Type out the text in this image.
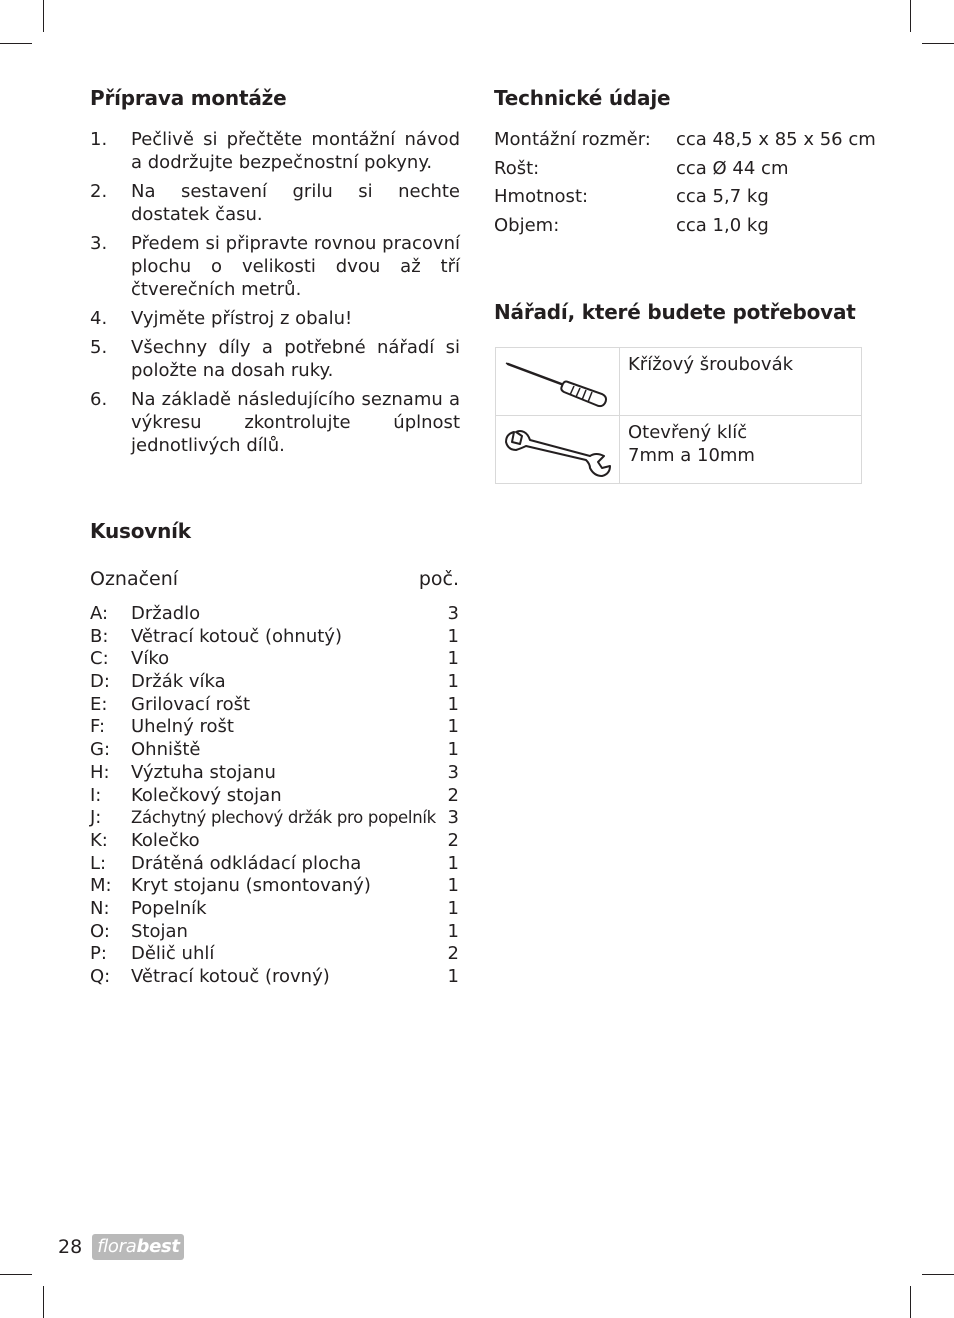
Příprava montáže
1.	Pečlivě si přečtěte montážní návod a dodržujte bezpečnostní pokyny.
2.	Na sestavení grilu si nechte dostatek času.
3.	Předem si připravte rovnou pracovní plochu o velikosti dvou až tří čtverečních metrů.
4.	Vyjměte přístroj z obalu!
5.	Všechny díly a potřebné nářadí si položte na dosah ruky.
6.	Na základě následujícího seznamu a výkresu zkontrolujte úplnost jednotlivých dílů.
Kusovník
Označení	poč.
A:	Držadlo	3
B:	Větrací kotouč (ohnutý)	1
C:	Víko	1
D:	Držák víka	1
E:	Grilovací rošt	1
F:	Uhelný rošt	1
G:	Ohniště	1
H:	Výztuha stojanu	3
I:	Kolečkový stojan	2
J:	Záchytný plechový držák pro popelník 3
K:	Kolečko	2
L:	Drátěná odkládací plocha	1
M:	Kryt stojanu (smontovaný)	1
N:	Popelník	1
O:	Stojan	1
P:	Dělič uhlí	2
Q:	Větrací kotouč (rovný)	1
Technické údaje
Montážní rozměr:	cca 48,5 x 85 x 56 cm
Rošt:	cca Ø 44 cm
Hmotnost:	cca 5,7 kg
Objem:	cca 1,0 kg
Nářadí, které budete potřebovat

Křížový šroubovák

Otevřený klíč
7mm a 10mm
28 florabest
